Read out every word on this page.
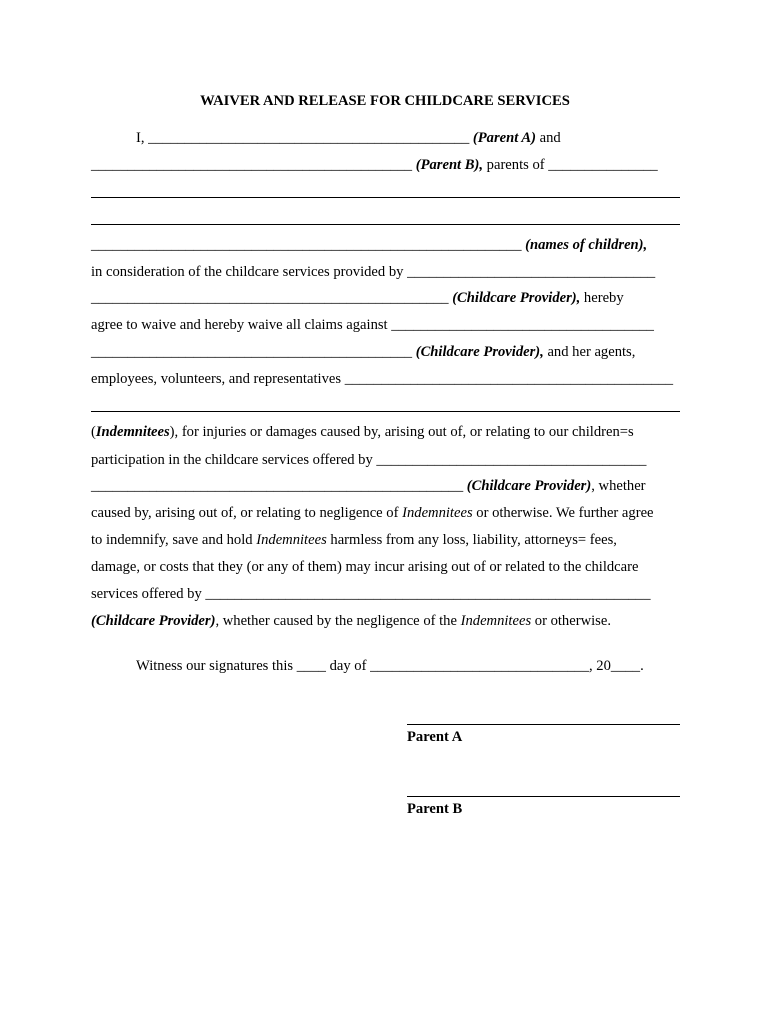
WAIVER AND RELEASE FOR CHILDCARE SERVICES
I, ____________________________________________ (Parent A) and
____________________________________________ (Parent B), parents of _______________
___________________________________________________________ (names of children),
in consideration of the childcare services provided by __________________________________
_________________________________________________ (Childcare Provider), hereby
agree to waive and hereby waive all claims against ____________________________________
____________________________________________ (Childcare Provider), and her agents,
employees, volunteers, and representatives _____________________________________________
(Indemnitees), for injuries or damages caused by, arising out of, or relating to our children=s
participation in the childcare services offered by _____________________________________
___________________________________________________ (Childcare Provider), whether
caused by, arising out of, or relating to negligence of Indemnitees or otherwise. We further agree
to indemnify, save and hold Indemnitees harmless from any loss, liability, attorneys= fees,
damage, or costs that they (or any of them) may incur arising out of or related to the childcare
services offered by _____________________________________________________________
(Childcare Provider), whether caused by the negligence of the Indemnitees or otherwise.
Witness our signatures this ____ day of ______________________________, 20____.
Parent A
Parent B
